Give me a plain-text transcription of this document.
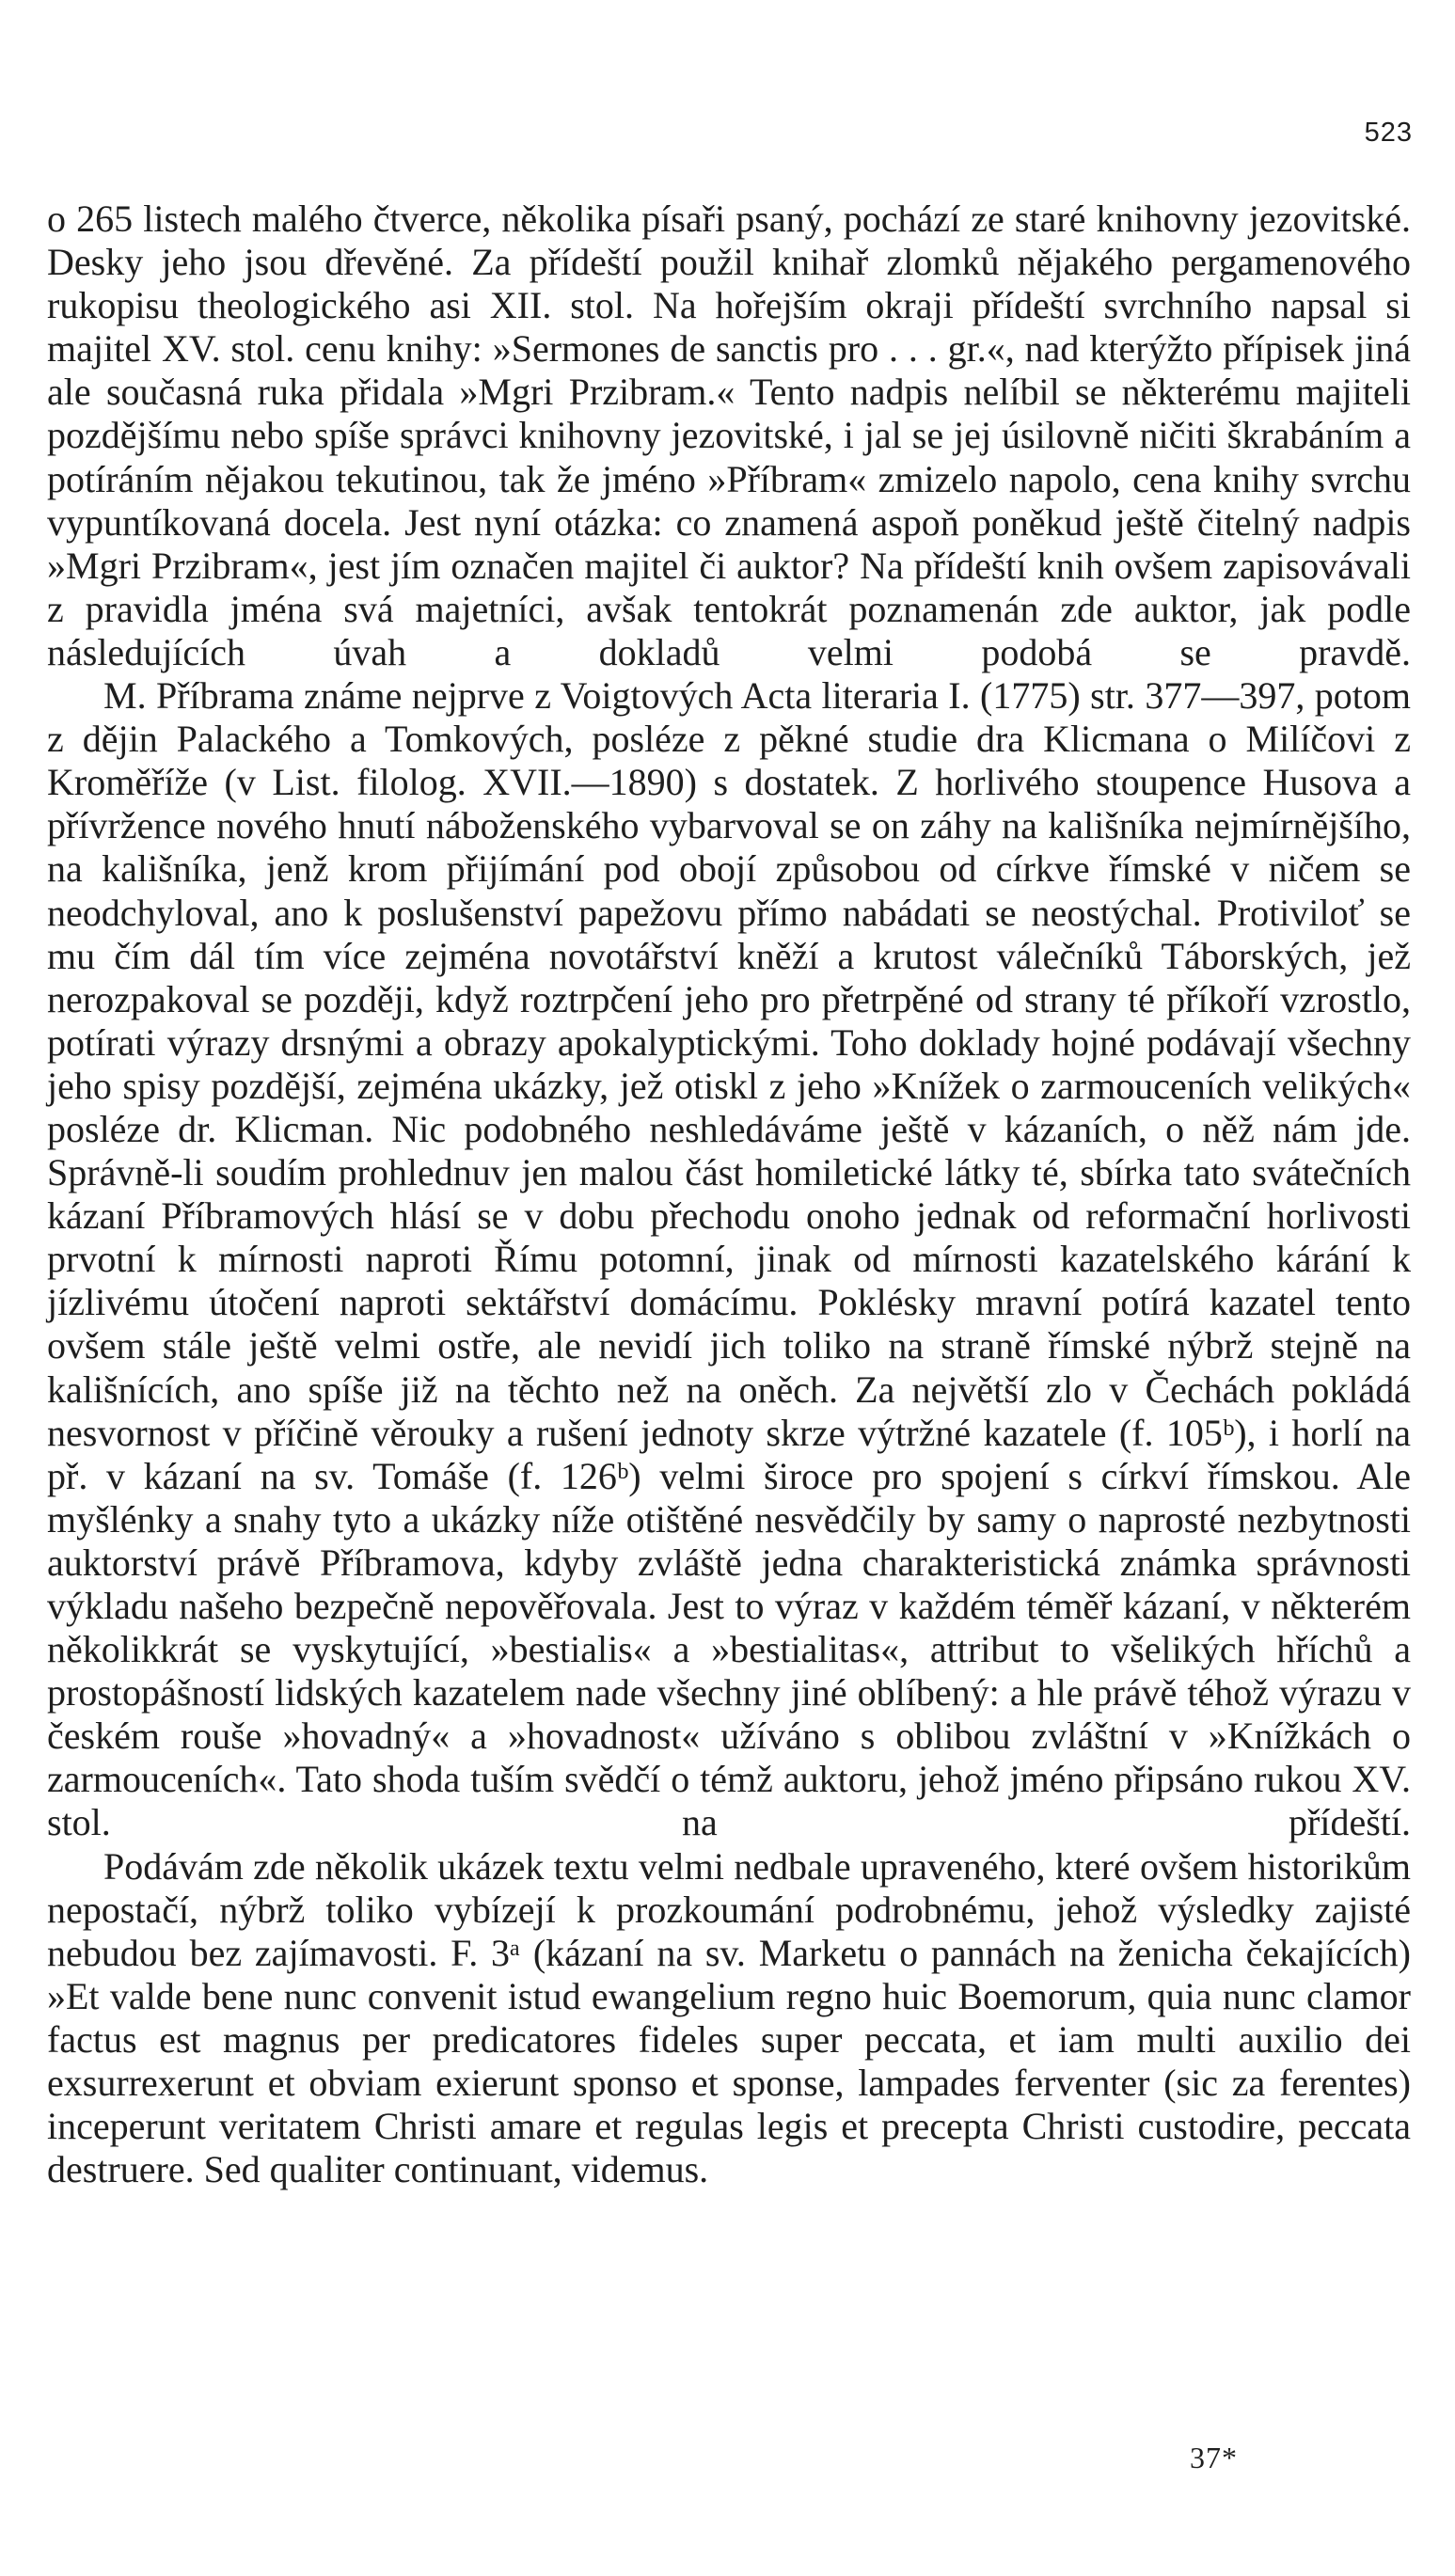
523

o 265 listech malého čtverce, několika písaři psaný, pochází ze staré knihovny jezovitské. Desky jeho jsou dřevěné. Za přídeští použil knihař zlomků nějakého pergamenového rukopisu theologického asi XII. stol. Na hořejším okraji přídeští svrchního napsal si majitel XV. stol. cenu knihy: »Sermones de sanctis pro . . . gr.«, nad kterýžto přípisek jiná ale současná ruka přidala »Mgri Przibram.« Tento nadpis nelíbil se některému majiteli pozdějšímu nebo spíše správci knihovny jezovitské, i jal se jej úsilovně ničiti škrabáním a potíráním nějakou tekutinou, tak že jméno »Příbram« zmizelo napolo, cena knihy svrchu vypuntíkovaná docela. Jest nyní otázka: co znamená aspoň poněkud ještě čitelný nadpis »Mgri Przibram«, jest jím označen majitel či auktor? Na přídeští knih ovšem zapisovávali z pravidla jména svá majetníci, avšak tentokrát poznamenán zde auktor, jak podle následujících úvah a dokladů velmi podobá se pravdě.

M. Příbrama známe nejprve z Voigtových Acta literaria I. (1775) str. 377—397, potom z dějin Palackého a Tomkových, posléze z pěkné studie dra Klicmana o Milíčovi z Kroměříže (v List. filolog. XVII.—1890) s dostatek. Z horlivého stoupence Husova a přívržence nového hnutí náboženského vybarvoval se on záhy na kališníka nejmírnějšího, na kališníka, jenž krom přijímání pod obojí způsobou od církve římské v ničem se neodchyloval, ano k poslušenství papežovu přímo nabádati se neostýchal. Protiviloť se mu čím dál tím více zejména novotářství kněží a krutost válečníků Táborských, jež nerozpakoval se později, když roztrpčení jeho pro přetrpěné od strany té příkoří vzrostlo, potírati výrazy drsnými a obrazy apokalyptickými. Toho doklady hojné podávají všechny jeho spisy pozdější, zejména ukázky, jež otiskl z jeho »Knížek o zarmouceních velikých« posléze dr. Klicman. Nic podobného neshledáváme ještě v kázaních, o něž nám jde. Správně-li soudím prohlednuv jen malou část homiletické látky té, sbírka tato svátečních kázaní Příbramových hlásí se v dobu přechodu onoho jednak od reformační horlivosti prvotní k mírnosti naproti Římu potomní, jinak od mírnosti kazatelského kárání k jízlivému útočení naproti sektářství domácímu. Poklésky mravní potírá kazatel tento ovšem stále ještě velmi ostře, ale nevidí jich toliko na straně římské nýbrž stejně na kališnících, ano spíše již na těchto než na oněch. Za největší zlo v Čechách pokládá nesvornost v příčině věrouky a rušení jednoty skrze výtržné kazatele (f. 105ᵇ), i horlí na př. v kázaní na sv. Tomáše (f. 126ᵇ) velmi široce pro spojení s církví římskou. Ale myšlénky a snahy tyto a ukázky níže otištěné nesvědčily by samy o naprosté nezbytnosti auktorství právě Příbramova, kdyby zvláště jedna charakteristická známka správnosti výkladu našeho bezpečně nepověřovala. Jest to výraz v každém téměř kázaní, v některém několikkrát se vyskytující, »bestialis« a »bestialitas«, attribut to všelikých hříchů a prostopášností lidských kazatelem nade všechny jiné oblíbený: a hle právě téhož výrazu v českém rouše »hovadný« a »hovadnost« užíváno s oblibou zvláštní v »Knížkách o zarmouceních«. Tato shoda tuším svědčí o témž auktoru, jehož jméno připsáno rukou XV. stol. na přídeští.

Podávám zde několik ukázek textu velmi nedbale upraveného, které ovšem historikům nepostačí, nýbrž toliko vybízejí k prozkoumání podrobnému, jehož výsledky zajisté nebudou bez zajímavosti. F. 3ᵃ (kázaní na sv. Marketu o pannách na ženicha čekajících) »Et valde bene nunc convenit istud ewangelium regno huic Boemorum, quia nunc clamor factus est magnus per predicatores fideles super peccata, et iam multi auxilio dei exsurrexerunt et obviam exierunt sponso et sponse, lampades ferventer (sic za ferentes) inceperunt veritatem Christi amare et regulas legis et precepta Christi custodire, peccata destruere. Sed qualiter continuant, videmus.

37*
